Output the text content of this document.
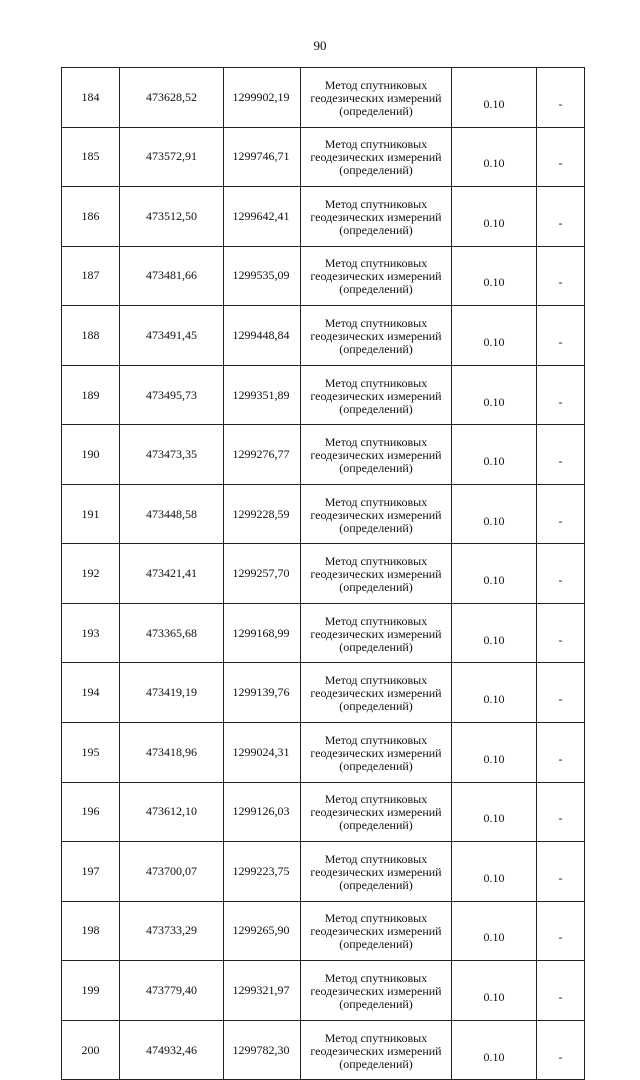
90
184	473628,52	1299902,19	Метод спутниковых
геодезических измерений
(определений)	0.10	-
185	473572,91	1299746,71	Метод спутниковых
геодезических измерений
(определений)	0.10	-
186	473512,50	1299642,41	Метод спутниковых
геодезических измерений
(определений)	0.10	-
187	473481,66	1299535,09	Метод спутниковых
геодезических измерений
(определений)	0.10	-
188	473491,45	1299448,84	Метод спутниковых
геодезических измерений
(определений)	0.10	-
189	473495,73	1299351,89	Метод спутниковых
геодезических измерений
(определений)	0.10	-
190	473473,35	1299276,77	Метод спутниковых
геодезических измерений
(определений)	0.10	-
191	473448,58	1299228,59	Метод спутниковых
геодезических измерений
(определений)	0.10	-
192	473421,41	1299257,70	Метод спутниковых
геодезических измерений
(определений)	0.10	-
193	473365,68	1299168,99	Метод спутниковых
геодезических измерений
(определений)	0.10	-
194	473419,19	1299139,76	Метод спутниковых
геодезических измерений
(определений)	0.10	-
195	473418,96	1299024,31	Метод спутниковых
геодезических измерений
(определений)	0.10	-
196	473612,10	1299126,03	Метод спутниковых
геодезических измерений
(определений)	0.10	-
197	473700,07	1299223,75	Метод спутниковых
геодезических измерений
(определений)	0.10	-
198	473733,29	1299265,90	Метод спутниковых
геодезических измерений
(определений)	0.10	-
199	473779,40	1299321,97	Метод спутниковых
геодезических измерений
(определений)	0.10	-
200	474932,46	1299782,30	Метод спутниковых
геодезических измерений
(определений)	0.10	-
